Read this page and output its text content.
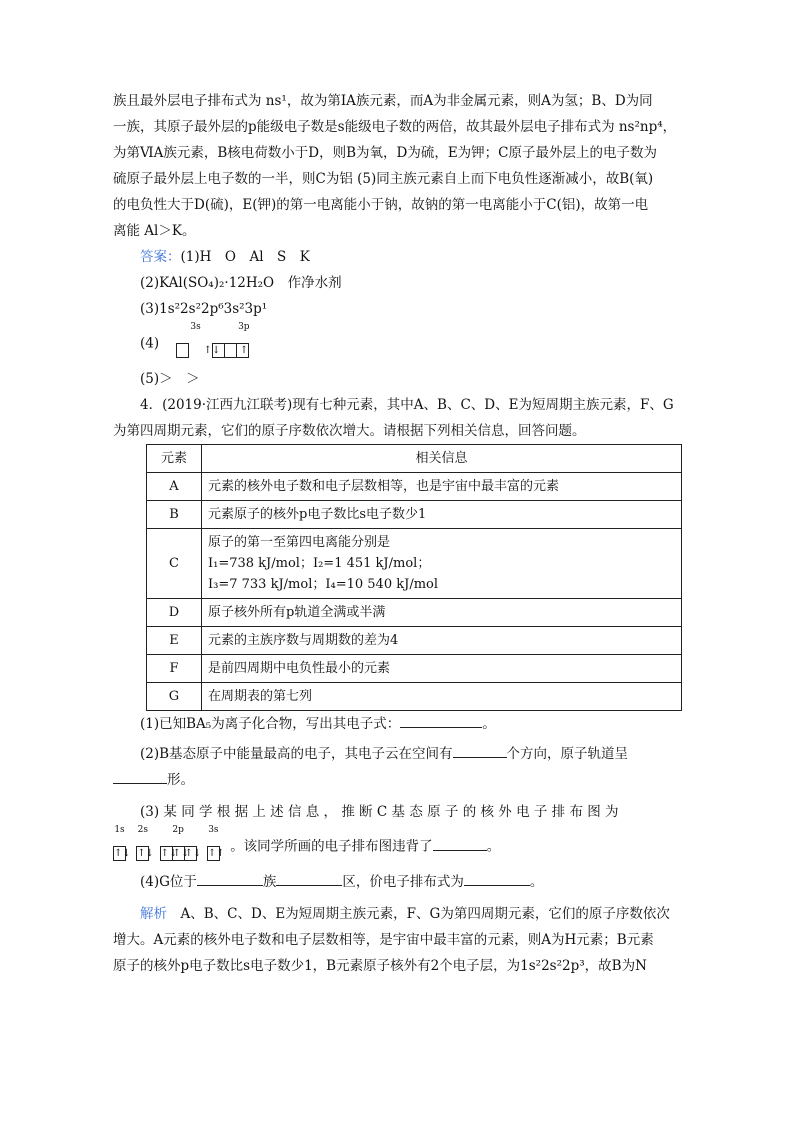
族且最外层电子排布式为 ns¹，故为第ⅠA族元素，而A为非金属元素，则A为氢；B、D为同

一族，其原子最外层的p能级电子数是s能级电子数的两倍，故其最外层电子排布式为 ns²np⁴，

为第ⅥA族元素，B核电荷数小于D，则B为氧，D为硫，E为钾；C原子最外层上的电子数为

硫原子最外层上电子数的一半，则C为铝 (5)同主族元素自上而下电负性逐渐减小，故B(氧)

的电负性大于D(硫)，E(钾)的第一电离能小于钠，故钠的第一电离能小于C(铝)，故第一电

离能 Al＞K。

答案：(1)H　O　Al　S　K

(2)KAl(SO₄)₂·12H₂O　作净水剂

(3)1s²2s²2p⁶3s²3p¹

(4)
3s
↑↓

3p
↑

(5)＞　＞

4．(2019·江西九江联考)现有七种元素，其中A、B、C、D、E为短周期主族元素，F、G

为第四周期元素，它们的原子序数依次增大。请根据下列相关信息，回答问题。

元素	相关信息
A	元素的核外电子数和电子层数相等，也是宇宙中最丰富的元素
B	元素原子的核外p电子数比s电子数少1
C	原子的第一至第四电离能分别是
I₁=738 kJ/mol；I₂=1 451 kJ/mol；
I₃=7 733 kJ/mol；I₄=10 540 kJ/mol

D	原子核外所有p轨道全满或半满
E	元素的主族序数与周期数的差为4
F	是前四周期中电负性最小的元素
G	在周期表的第七列

(1)已知BA₅为离子化合物，写出其电子式：	。

(2)B基态原子中能量最高的电子，其电子云在空间有	个方向，原子轨道呈

形。

(3) 某 同 学 根 据 上 述 信 息 ， 推 断 C 基 态 原 子 的 核 外 电 子 排 布 图 为

1s
↑↓

2s
↑↓

2p
↑↓
↑↓
↑↓

3s
↑↑ 。该同学所画的电子排布图违背了	。

(4)G位于	族	区，价电子排布式为	。

解析　A、B、C、D、E为短周期主族元素，F、G为第四周期元素，它们的原子序数依次

增大。A元素的核外电子数和电子层数相等，是宇宙中最丰富的元素，则A为H元素；B元素

原子的核外p电子数比s电子数少1，B元素原子核外有2个电子层，为1s²2s²2p³，故B为N
